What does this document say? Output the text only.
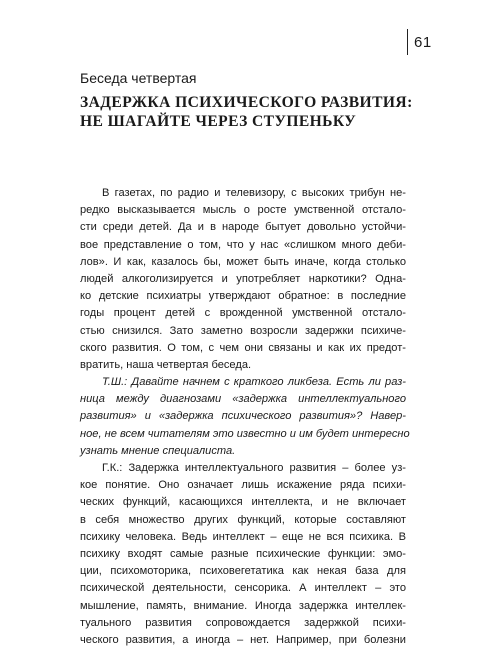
61
Беседа четвертая
ЗАДЕРЖКА ПСИХИЧЕСКОГО РАЗВИТИЯ:
НЕ ШАГАЙТЕ ЧЕРЕЗ СТУПЕНЬКУ
В газетах, по радио и телевизору, с высоких трибун не-
редко высказывается мысль о росте умственной отстало-
сти среди детей. Да и в народе бытует довольно устойчи-
вое представление о том, что у нас «слишком много деби-
лов». И как, казалось бы, может быть иначе, когда столько
людей алкоголизируется и употребляет наркотики? Одна-
ко детские психиатры утверждают обратное: в последние
годы процент детей с врожденной умственной отстало-
стью снизился. Зато заметно возросли задержки психиче-
ского развития. О том, с чем они связаны и как их предот-
вратить, наша четвертая беседа.
Т.Ш.: Давайте начнем с краткого ликбеза. Есть ли раз-
ница между диагнозами «задержка интеллектуального
развития» и «задержка психического развития»? Навер-
ное, не всем читателям это известно и им будет интересно
узнать мнение специалиста.
Г.К.: Задержка интеллектуального развития – более уз-
кое понятие. Оно означает лишь искажение ряда психи-
ческих функций, касающихся интеллекта, и не включает
в себя множество других функций, которые составляют
психику человека. Ведь интеллект – еще не вся психика. В
психику входят самые разные психические функции: эмо-
ции, психомоторика, психовегетатика как некая база для
психической деятельности, сенсорика. А интеллект – это
мышление, память, внимание. Иногда задержка интеллек-
туального развития сопровождается задержкой психи-
ческого развития, а иногда – нет. Например, при болезни
